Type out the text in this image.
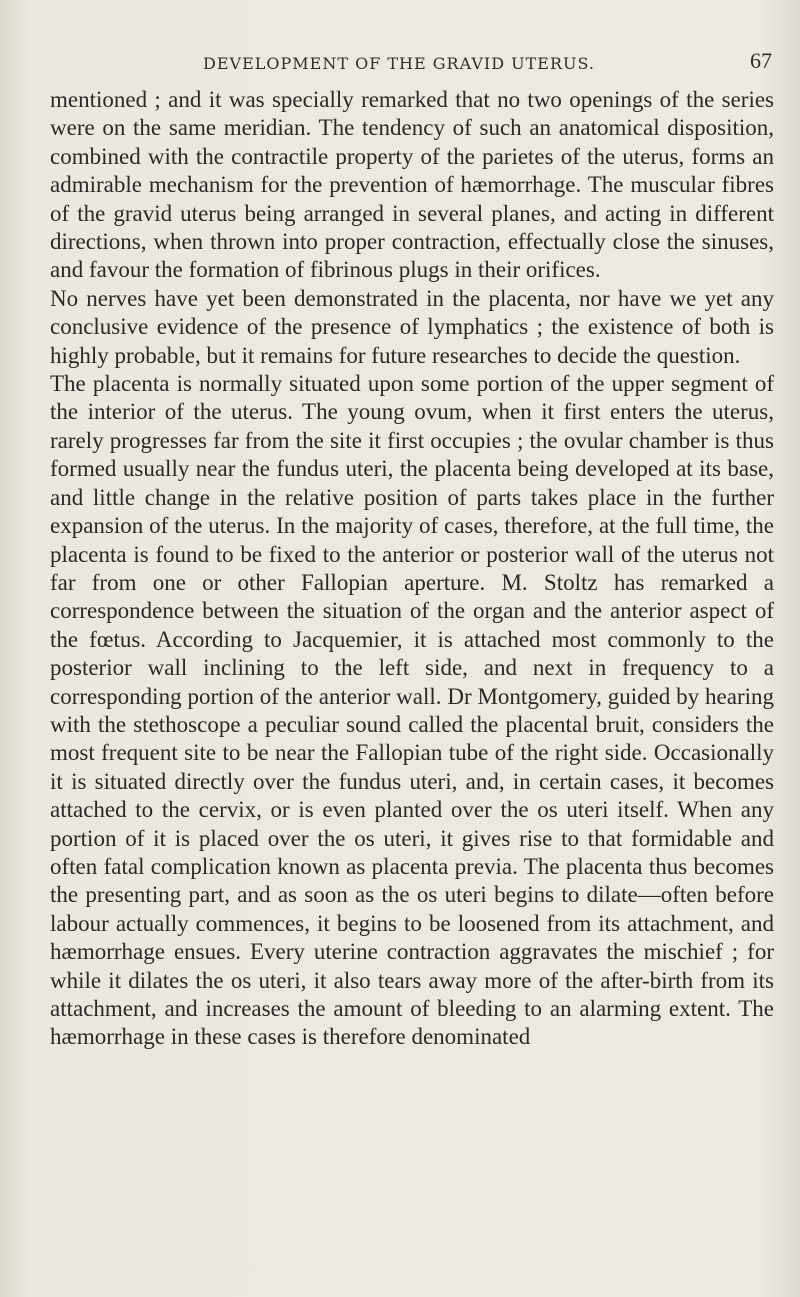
DEVELOPMENT OF THE GRAVID UTERUS.	67

mentioned ; and it was specially remarked that no two openings of the series were on the same meridian. The tendency of such an anatomical disposition, combined with the contractile property of the parietes of the uterus, forms an admirable mechanism for the prevention of hæmorrhage. The muscular fibres of the gravid uterus being arranged in several planes, and acting in different directions, when thrown into proper contraction, effectually close the sinuses, and favour the formation of fibrinous plugs in their orifices.

No nerves have yet been demonstrated in the placenta, nor have we yet any conclusive evidence of the presence of lymphatics ; the existence of both is highly probable, but it remains for future researches to decide the question.

The placenta is normally situated upon some portion of the upper segment of the interior of the uterus. The young ovum, when it first enters the uterus, rarely progresses far from the site it first occupies ; the ovular chamber is thus formed usually near the fundus uteri, the placenta being developed at its base, and little change in the relative position of parts takes place in the further expansion of the uterus. In the majority of cases, therefore, at the full time, the placenta is found to be fixed to the anterior or posterior wall of the uterus not far from one or other Fallopian aperture. M. Stoltz has remarked a correspondence between the situation of the organ and the anterior aspect of the fœtus. According to Jacquemier, it is attached most commonly to the posterior wall inclining to the left side, and next in frequency to a corresponding portion of the anterior wall. Dr Montgomery, guided by hearing with the stethoscope a peculiar sound called the placental bruit, considers the most frequent site to be near the Fallopian tube of the right side. Occasionally it is situated directly over the fundus uteri, and, in certain cases, it becomes attached to the cervix, or is even planted over the os uteri itself. When any portion of it is placed over the os uteri, it gives rise to that formidable and often fatal complication known as placenta previa. The placenta thus becomes the presenting part, and as soon as the os uteri begins to dilate—often before labour actually commences, it begins to be loosened from its attachment, and hæmorrhage ensues. Every uterine contraction aggravates the mischief ; for while it dilates the os uteri, it also tears away more of the after-birth from its attachment, and increases the amount of bleeding to an alarming extent. The hæmorrhage in these cases is therefore denominated
